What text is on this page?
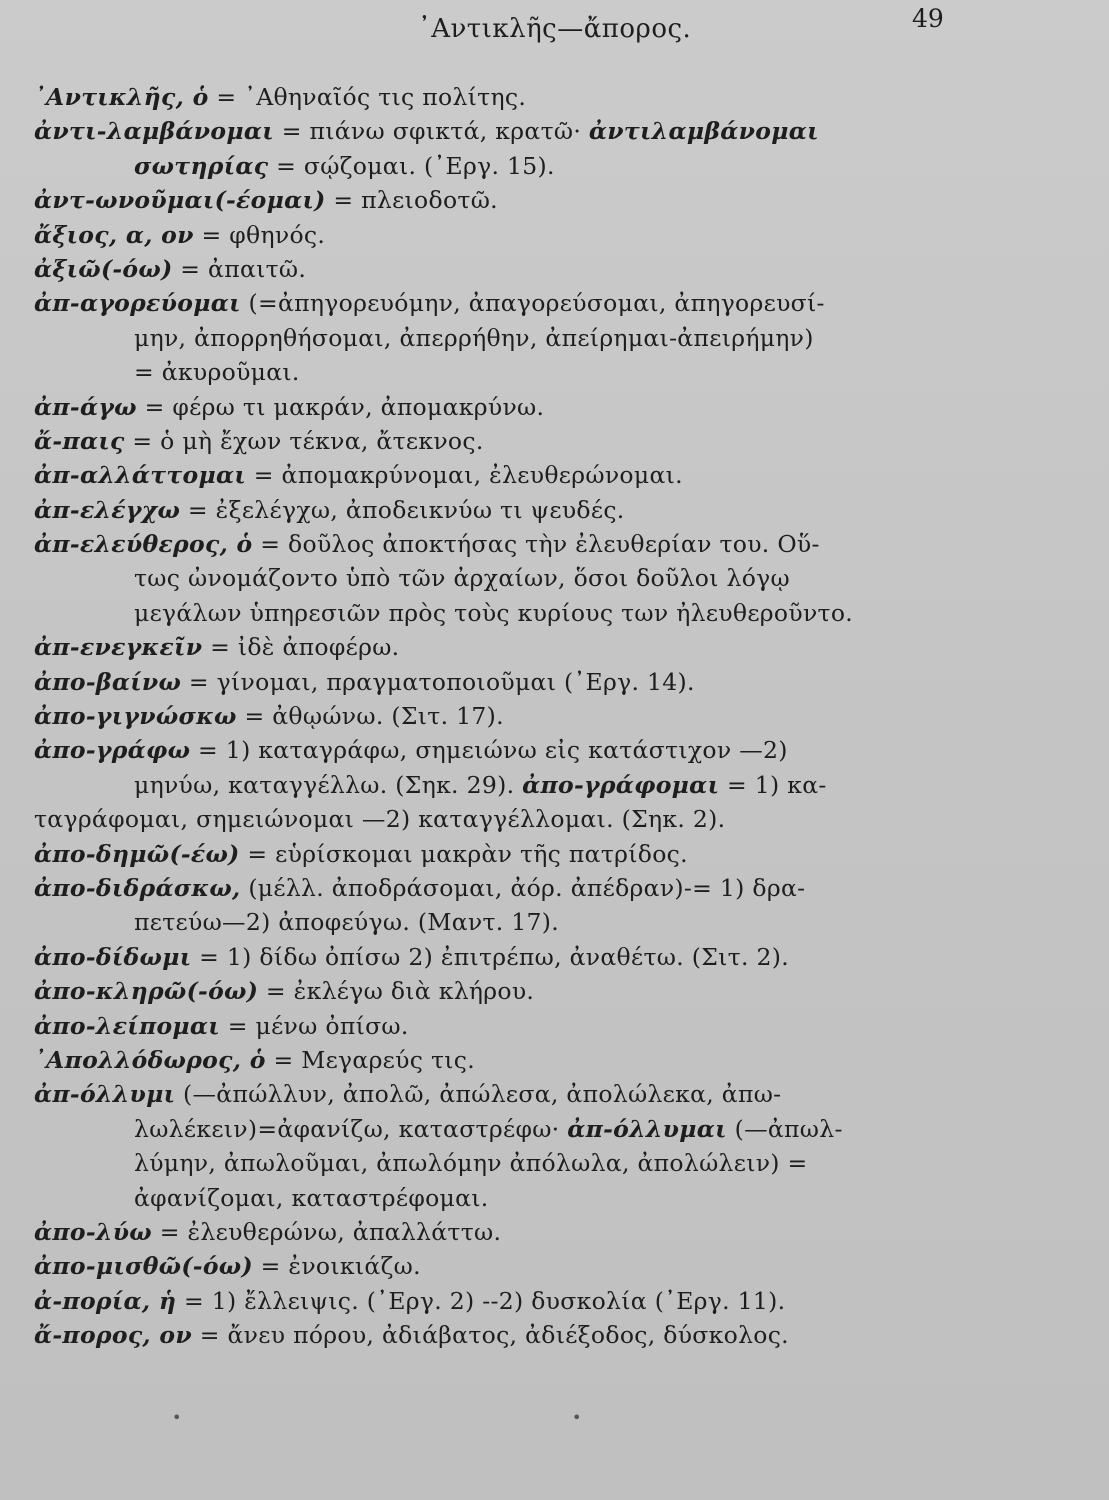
᾿Αντικλῆς—ἄπορος.	49
᾿Αντικλῆς, ὁ = ᾿Αθηναῖός τις πολίτης.
ἀντι-λαμβάνομαι = πιάνω σφικτά, κρατῶ· ἀντιλαμβάνομαι
σωτηρίας = σῴζομαι. (᾿Εργ. 15).
ἀντ-ωνοῦμαι(-έομαι) = πλειοδοτῶ.
ἄξιος, α, ον = φθηνός.
ἀξιῶ(-όω) = ἀπαιτῶ.
ἀπ-αγορεύομαι (=ἀπηγορευόμην, ἀπαγορεύσομαι, ἀπηγορευσί-
μην, ἀπορρηθήσομαι, ἀπερρήθην, ἀπείρημαι-ἀπειρήμην)
= ἀκυροῦμαι.
ἀπ-άγω = φέρω τι μακράν, ἀπομακρύνω.
ἄ-παις = ὁ μὴ ἔχων τέκνα, ἄτεκνος.
ἀπ-αλλάττομαι = ἀπομακρύνομαι, ἐλευθερώνομαι.
ἀπ-ελέγχω = ἐξελέγχω, ἀποδεικνύω τι ψευδές.
ἀπ-ελεύθερος, ὁ = δοῦλος ἀποκτήσας τὴν ἐλευθερίαν του. Οὕ-
τως ὠνομάζοντο ὑπὸ τῶν ἀρχαίων, ὅσοι δοῦλοι λόγῳ
μεγάλων ὑπηρεσιῶν πρὸς τοὺς κυρίους των ἠλευθεροῦντο.
ἀπ-ενεγκεῖν = ἰδὲ ἀποφέρω.
ἀπο-βαίνω = γίνομαι, πραγματοποιοῦμαι (᾿Εργ. 14).
ἀπο-γιγνώσκω = ἀθῳώνω. (Σιτ. 17).
ἀπο-γράφω = 1) καταγράφω, σημειώνω εἰς κατάστιχον —2)
μηνύω, καταγγέλλω. (Σηκ. 29). ἀπο-γράφομαι = 1) κα-
ταγράφομαι, σημειώνομαι —2) καταγγέλλομαι. (Σηκ. 2).
ἀπο-δημῶ(-έω) = εὑρίσκομαι μακρὰν τῆς πατρίδος.
ἀπο-διδράσκω, (μέλλ. ἀποδράσομαι, ἀόρ. ἀπέδραν)-= 1) δρα-
πετεύω—2) ἀποφεύγω. (Μαντ. 17).
ἀπο-δίδωμι = 1) δίδω ὀπίσω 2) ἐπιτρέπω, ἀναθέτω. (Σιτ. 2).
ἀπο-κληρῶ(-όω) = ἐκλέγω διὰ κλήρου.
ἀπο-λείπομαι = μένω ὀπίσω.
᾿Απολλόδωρος, ὁ = Μεγαρεύς τις.
ἀπ-όλλυμι (—ἀπώλλυν, ἀπολῶ, ἀπώλεσα, ἀπολώλεκα, ἀπω-
λωλέκειν)=ἀφανίζω, καταστρέφω· ἀπ-όλλυμαι (—ἀπωλ-
λύμην, ἀπωλοῦμαι, ἀπωλόμην ἀπόλωλα, ἀπολώλειν) =
ἀφανίζομαι, καταστρέφομαι.
ἀπο-λύω = ἐλευθερώνω, ἀπαλλάττω.
ἀπο-μισθῶ(-όω) = ἐνοικιάζω.
ἀ-πορία, ἡ = 1) ἔλλειψις. (᾿Εργ. 2) --2) δυσκολία (᾿Εργ. 11).
ἄ-πορος, ον = ἄνευ πόρου, ἀδιάβατος, ἀδιέξοδος, δύσκολος.
•	•
